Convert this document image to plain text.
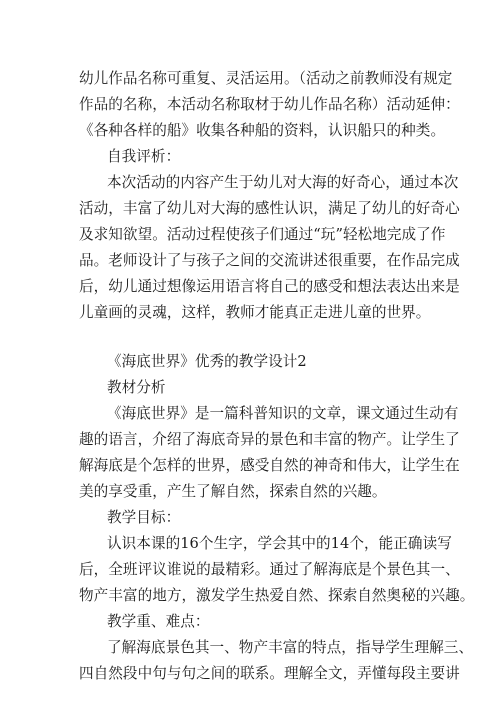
幼儿作品名称可重复、灵活运用。（活动之前教师没有规定
作品的名称，本活动名称取材于幼儿作品名称）活动延伸：
《各种各样的船》收集各种船的资料，认识船只的种类。
自我评析：
本次活动的内容产生于幼儿对大海的好奇心，通过本次
活动，丰富了幼儿对大海的感性认识，满足了幼儿的好奇心
及求知欲望。活动过程使孩子们通过“玩”轻松地完成了作
品。老师设计了与孩子之间的交流讲述很重要，在作品完成
后，幼儿通过想像运用语言将自己的感受和想法表达出来是
儿童画的灵魂，这样，教师才能真正走进儿童的世界。
《海底世界》优秀的教学设计2
教材分析
《海底世界》是一篇科普知识的文章，课文通过生动有
趣的语言，介绍了海底奇异的景色和丰富的物产。让学生了
解海底是个怎样的世界，感受自然的神奇和伟大，让学生在
美的享受重，产生了解自然，探索自然的兴趣。
教学目标：
认识本课的16个生字，学会其中的14个，能正确读写
后，全班评议谁说的最精彩。通过了解海底是个景色其一、
物产丰富的地方，激发学生热爱自然、探索自然奥秘的兴趣。
教学重、难点：
了解海底景色其一、物产丰富的特点，指导学生理解三、
四自然段中句与句之间的联系。理解全文，弄懂每段主要讲
